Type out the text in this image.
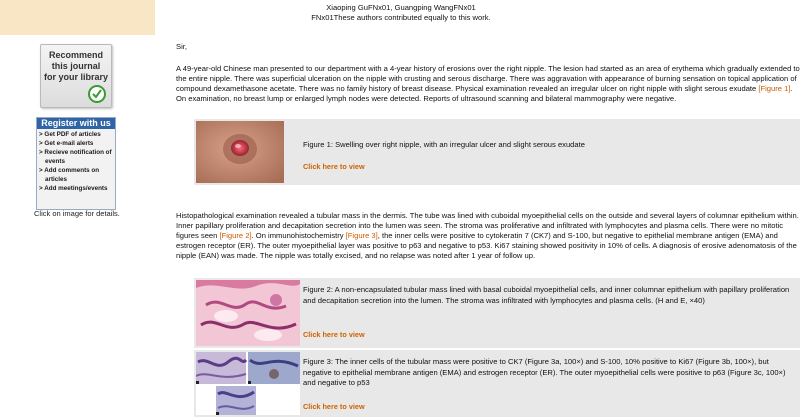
Recommend
this journal
for your library
Register with us
> Get PDF of articles
> Get e-mail alerts
> Recieve notification of
events
> Add comments on
articles
> Add meetings/events
Click on image for details.
Xiaoping GuFNx01, Guangping WangFNx01
FNx01These authors contributed equally to this work.
Sir,
A 49-year-old Chinese man presented to our department with a 4-year history of erosions over the right nipple. The lesion had started as an area of erythema which gradually extended to the entire nipple. There was superficial ulceration on the nipple with crusting and serous discharge. There was aggravation with appearance of burning sensation on topical application of compound dexamethasone acetate. There was no family history of breast disease. Physical examination revealed an irregular ulcer on right nipple with slight serous exudate [Figure 1]. On examination, no breast lump or enlarged lymph nodes were detected. Reports of ultrasound scanning and bilateral mammography were negative.
Figure 1: Swelling over right nipple, with an irregular ulcer and slight serous exudate
Click here to view
Histopathological examination revealed a tubular mass in the dermis. The tube was lined with cuboidal myoepithelial cells on the outside and several layers of columnar epithelium within. Inner papillary proliferation and decapitation secretion into the lumen was seen. The stroma was proliferative and infiltrated with lymphocytes and plasma cells. There were no mitotic figures seen [Figure 2]. On immunohistochemistry [Figure 3], the inner cells were positive to cytokeratin 7 (CK7) and S-100, but negative to epithelial membrane antigen (EMA) and estrogen receptor (ER). The outer myoepithelial layer was positive to p63 and negative to p53. Ki67 staining showed positivity in 10% of cells. A diagnosis of erosive adenomatosis of the nipple (EAN) was made. The nipple was totally excised, and no relapse was noted after 1 year of follow up.
Figure 2: A non-encapsulated tubular mass lined with basal cuboidal myoepithelial cells, and inner columnar epithelium with papillary proliferation and decapitation secretion into the lumen. The stroma was infiltrated with lymphocytes and plasma cells. (H and E, ×40)
Click here to view
Figure 3: The inner cells of the tubular mass were positive to CK7 (Figure 3a, 100×) and S-100, 10% positive to Ki67 (Figure 3b, 100×), but negative to epithelial membrane antigen (EMA) and estrogen receptor (ER). The outer myoepithelial cells were positive to p63 (Figure 3c, 100×) and negative to p53
Click here to view
